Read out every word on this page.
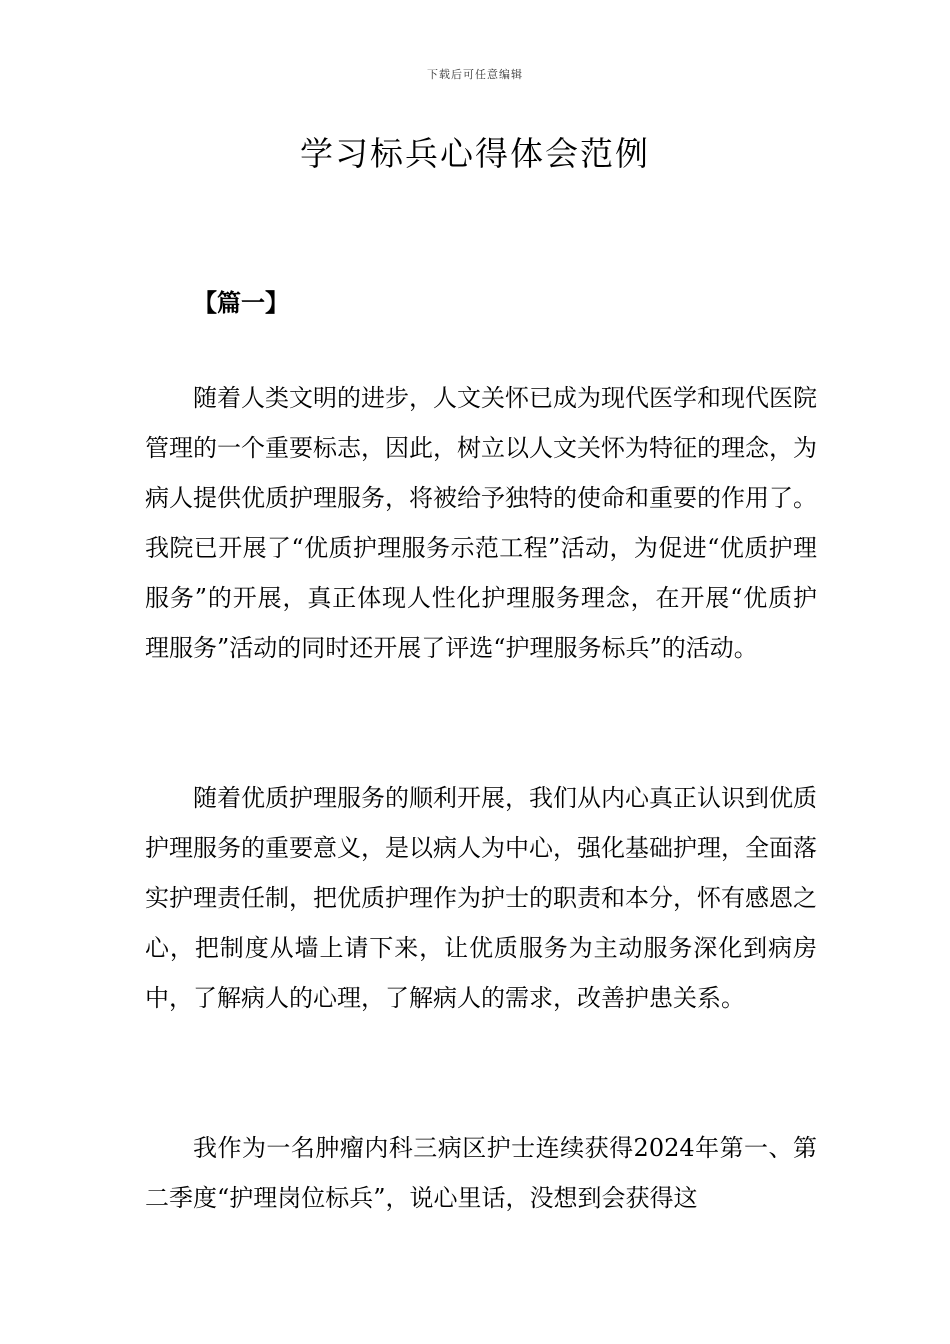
下载后可任意编辑
学习标兵心得体会范例

【篇一】

随着人类文明的进步，人文关怀已成为现代医学和现代医院管理的一个重要标志，因此，树立以人文关怀为特征的理念，为病人提供优质护理服务，将被给予独特的使命和重要的作用了。我院已开展了“优质护理服务示范工程”活动，为促进“优质护理服务”的开展，真正体现人性化护理服务理念，在开展“优质护理服务”活动的同时还开展了评选“护理服务标兵”的活动。

随着优质护理服务的顺利开展，我们从内心真正认识到优质护理服务的重要意义，是以病人为中心，强化基础护理，全面落实护理责任制，把优质护理作为护士的职责和本分，怀有感恩之心，把制度从墙上请下来，让优质服务为主动服务深化到病房中，了解病人的心理，了解病人的需求，改善护患关系。

我作为一名肿瘤内科三病区护士连续获得2024年第一、第二季度“护理岗位标兵”，说心里话，没想到会获得这
